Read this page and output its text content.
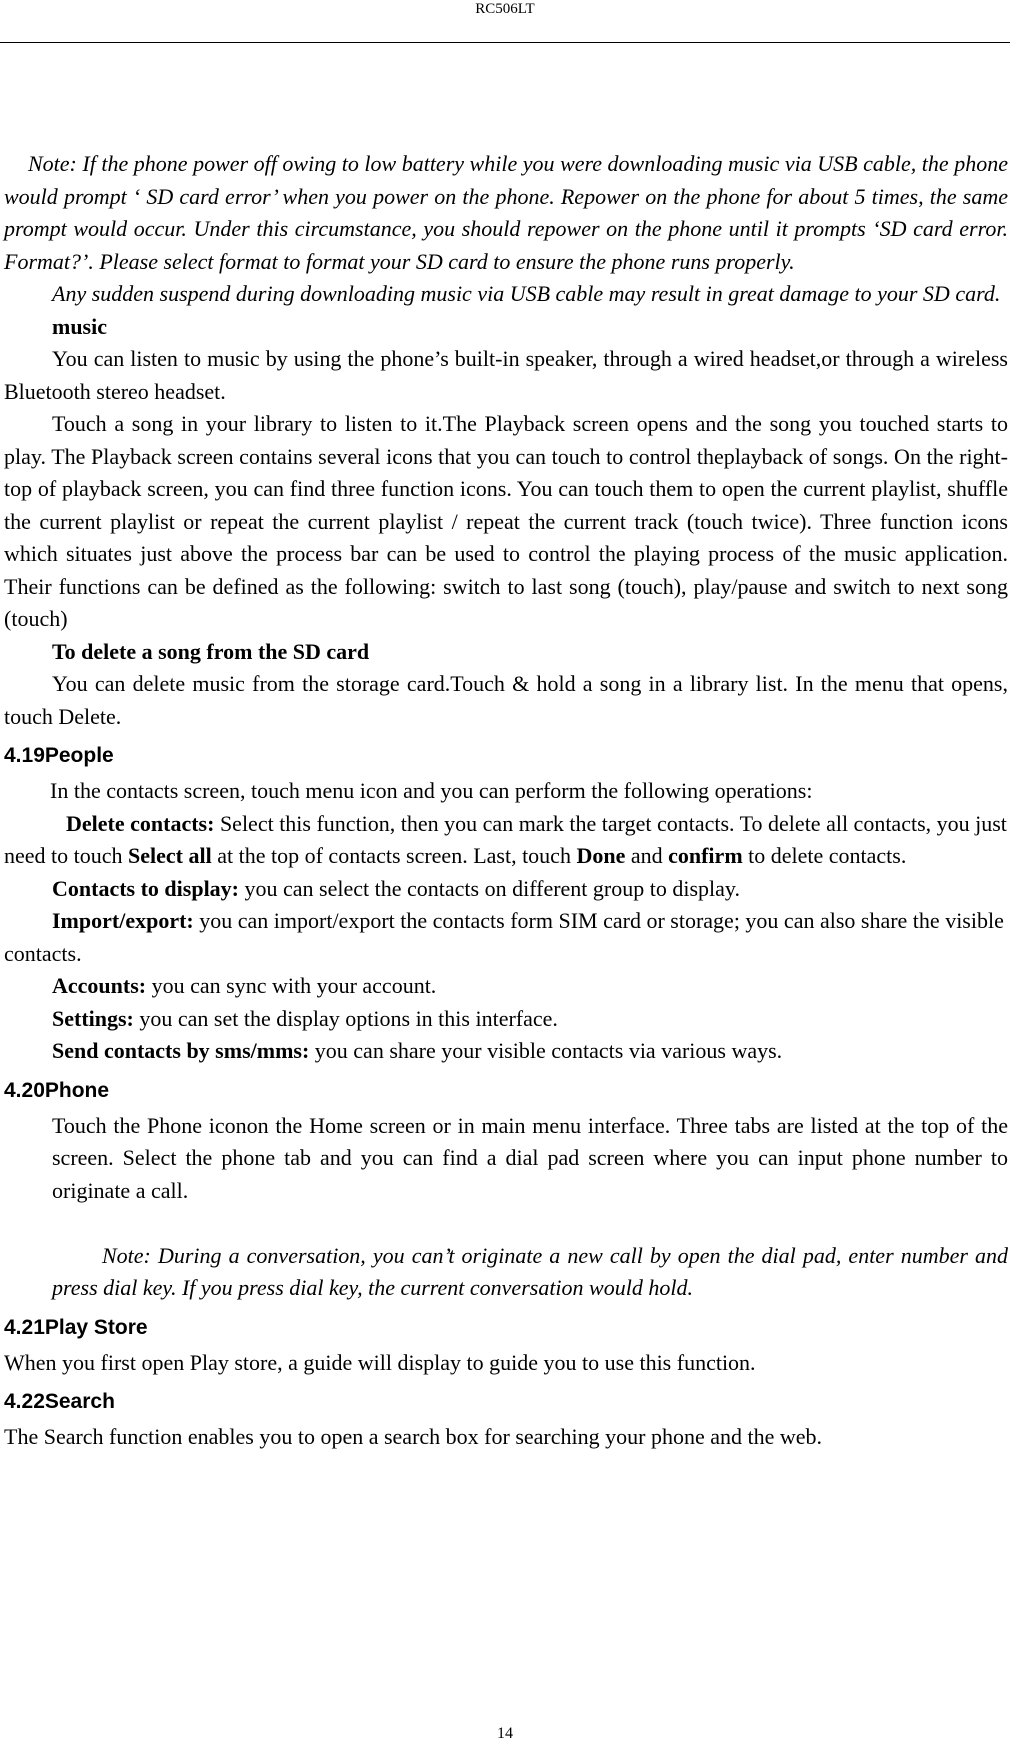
RC506LT

Note: If the phone power off owing to low battery while you were downloading music via USB cable, the phone would prompt ‘ SD card error’ when you power on the phone. Repower on the phone for about 5 times, the same prompt would occur. Under this circumstance, you should repower on the phone until it prompts ‘SD card error. Format?’. Please select format to format your SD card to ensure the phone runs properly.

Any sudden suspend during downloading music via USB cable may result in great damage to your SD card.

music

You can listen to music by using the phone’s built-in speaker, through a wired headset,or through a wireless Bluetooth stereo headset.

Touch a song in your library to listen to it.The Playback screen opens and the song you touched starts to play. The Playback screen contains several icons that you can touch to control theplayback of songs. On the right-top of playback screen, you can find three function icons. You can touch them to open the current playlist, shuffle the current playlist or repeat the current playlist / repeat the current track (touch twice). Three function icons which situates just above the process bar can be used to control the playing process of the music application. Their functions can be defined as the following: switch to last song (touch), play/pause and switch to next song (touch)

To delete a song from the SD card

You can delete music from the storage card.Touch & hold a song in a library list. In the menu that opens, touch Delete.

4.19People

In the contacts screen, touch menu icon and you can perform the following operations:

Delete contacts: Select this function, then you can mark the target contacts. To delete all contacts, you just need to touch Select all at the top of contacts screen. Last, touch Done and confirm to delete contacts.

Contacts to display: you can select the contacts on different group to display.

Import/export: you can import/export the contacts form SIM card or storage; you can also share the visible contacts.

Accounts: you can sync with your account.

Settings: you can set the display options in this interface.

Send contacts by sms/mms: you can share your visible contacts via various ways.

4.20Phone

Touch the Phone iconon the Home screen or in main menu interface. Three tabs are listed at the top of the screen. Select the phone tab and you can find a dial pad screen where you can input phone number to originate a call.

Note: During a conversation, you can’t originate a new call by open the dial pad, enter number and press dial key. If you press dial key, the current conversation would hold.

4.21Play Store

When you first open Play store, a guide will display to guide you to use this function.

4.22Search

The Search function enables you to open a search box for searching your phone and the web.

14
